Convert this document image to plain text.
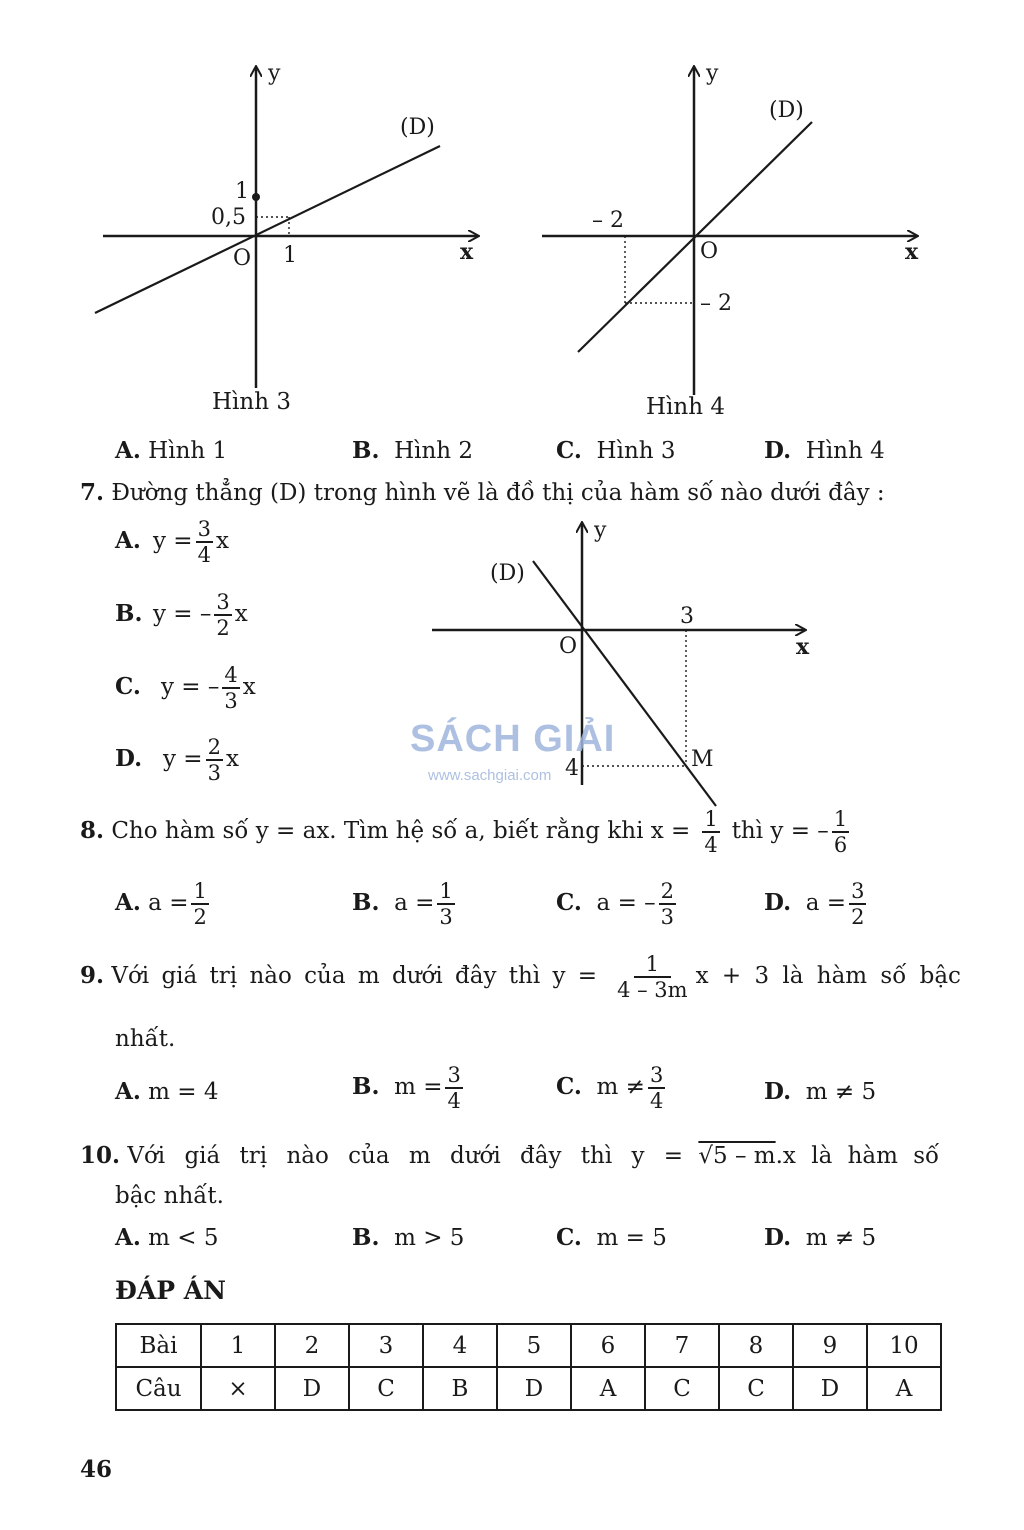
y
x
(D)
1
0,5
O 1
Hình 3
y
x
(D)
– 2
O
– 2
Hình 4
A. Hình 1	B. Hình 2	C. Hình 3	D. Hình 4
7. Đường thẳng (D) trong hình vẽ là đồ thị của hàm số nào dưới đây :
A. $y = \frac{3}{4}$ x
B. y = – $\frac{3}{2}$ x
C. y = – $\frac{4}{3}$ x
D. $y = \frac{2}{3}$ x
y
x
(D)
O
3
4	M
SÁCH GIẢI
www.sachgiai.com
8. Cho hàm số y = ax. Tìm hệ số a, biết rằng khi $x = \frac{1}{4}$ thì y = – $\frac{1}{6}$
A. $a = \frac{1}{2}$	B. $a = \frac{1}{3}$	C. a = – $\frac{2}{3}$	D. $a = \frac{3}{2}$
9. Với giá trị nào của m dưới đây thì $y = \frac{1}{4 - 3m}$ x + 3 là hàm số bậc
nhất.
A. m = 4	B. $m = \frac{3}{4}$	C. $m \ne \frac{3}{4}$	D. m ≠ 5
10. Với giá trị nào của m dưới đây thì y = √5 – m.x là hàm số
bậc nhất.
A. m < 5	B. m > 5	C. m = 5	D. m ≠ 5
ĐÁP ÁN
Bài	1	2	3	4	5	6	7	8	9	10
Câu	×	D	C	B	D	A	C	C	D	A
46
